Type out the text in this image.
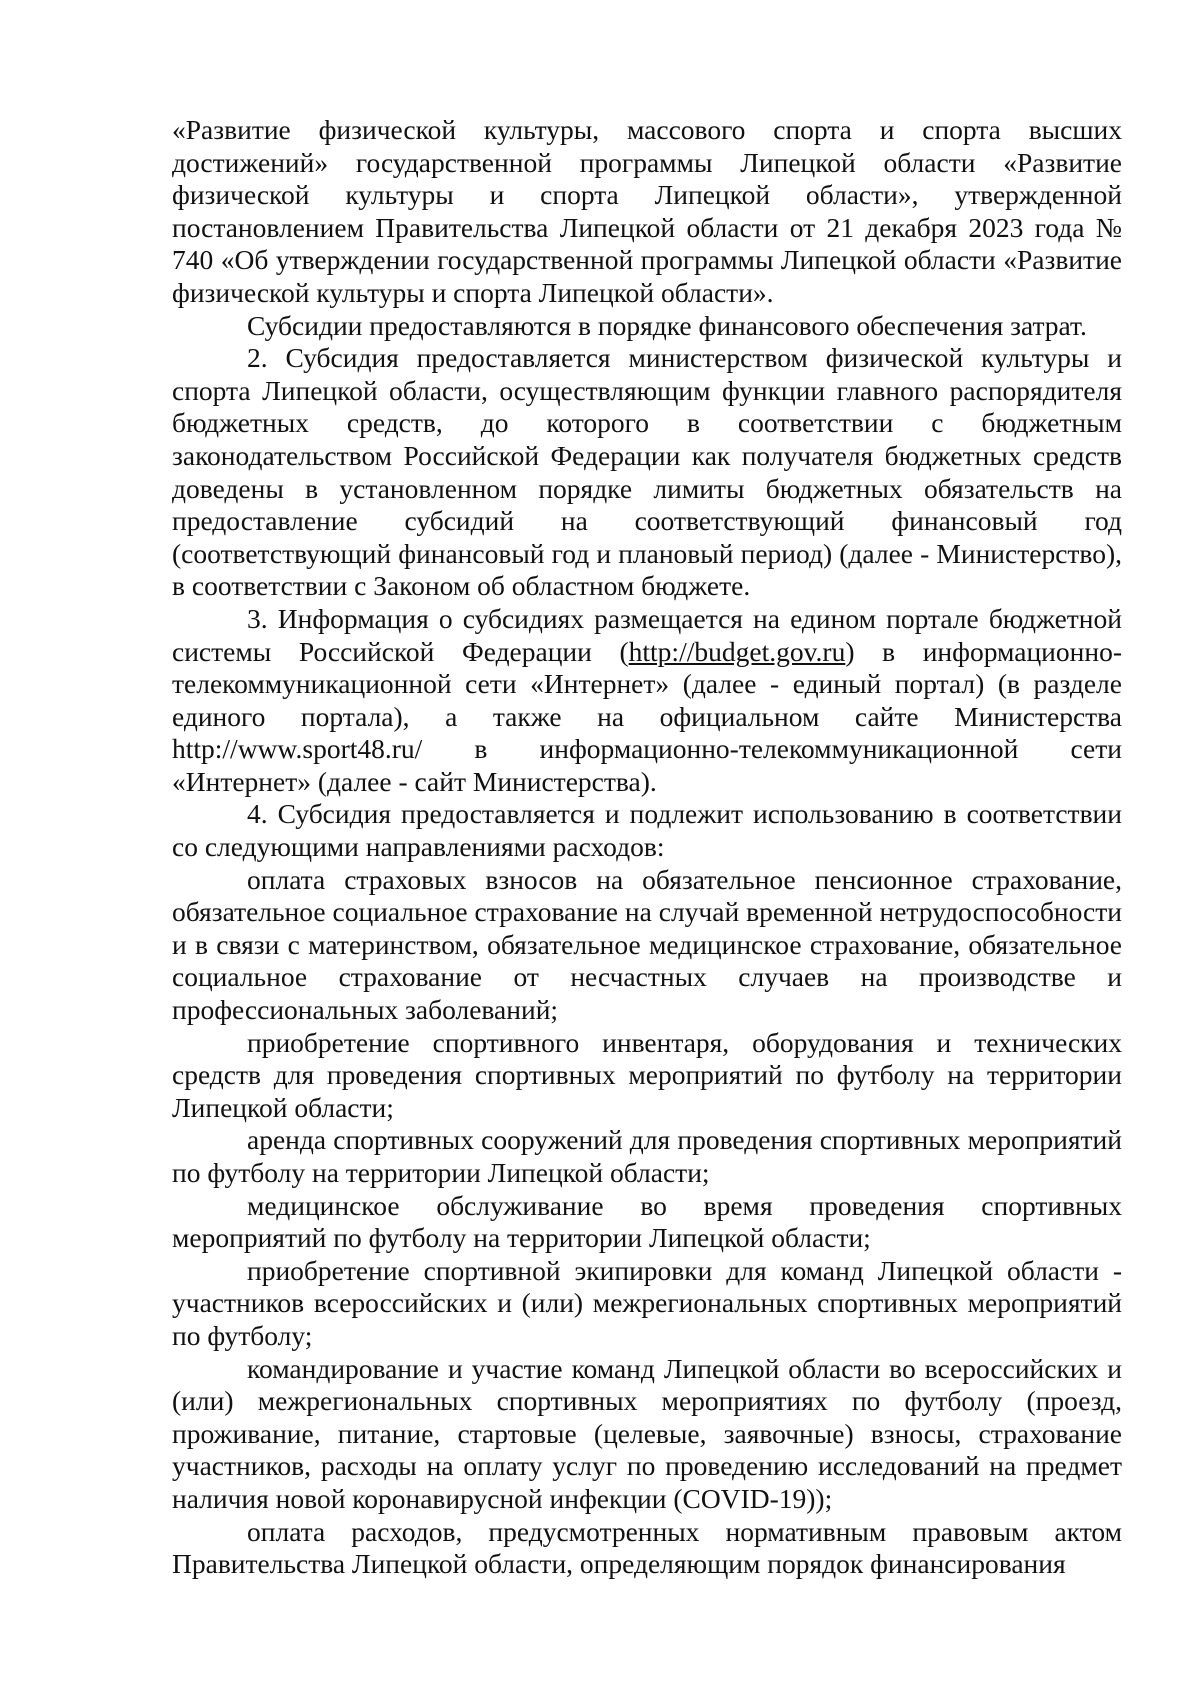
«Развитие физической культуры, массового спорта и спорта высших достижений» государственной программы Липецкой области «Развитие физической культуры и спорта Липецкой области», утвержденной постановлением Правительства Липецкой области от 21 декабря 2023 года № 740 «Об утверждении государственной программы Липецкой области «Развитие физической культуры и спорта Липецкой области».

Субсидии предоставляются в порядке финансового обеспечения затрат.

2. Субсидия предоставляется министерством физической культуры и спорта Липецкой области, осуществляющим функции главного распорядителя бюджетных средств, до которого в соответствии с бюджетным законодательством Российской Федерации как получателя бюджетных средств доведены в установленном порядке лимиты бюджетных обязательств на предоставление субсидий на соответствующий финансовый год (соответствующий финансовый год и плановый период) (далее - Министерство), в соответствии с Законом об областном бюджете.

3. Информация о субсидиях размещается на едином портале бюджетной системы Российской Федерации (http://budget.gov.ru) в информационно-телекоммуникационной сети «Интернет» (далее - единый портал) (в разделе единого портала), а также на официальном сайте Министерства http://www.sport48.ru/ в информационно-телекоммуникационной сети «Интернет» (далее - сайт Министерства).

4. Субсидия предоставляется и подлежит использованию в соответствии со следующими направлениями расходов:

оплата страховых взносов на обязательное пенсионное страхование, обязательное социальное страхование на случай временной нетрудоспособности и в связи с материнством, обязательное медицинское страхование, обязательное социальное страхование от несчастных случаев на производстве и профессиональных заболеваний;

приобретение спортивного инвентаря, оборудования и технических средств для проведения спортивных мероприятий по футболу на территории Липецкой области;

аренда спортивных сооружений для проведения спортивных мероприятий по футболу на территории Липецкой области;

медицинское обслуживание во время проведения спортивных мероприятий по футболу на территории Липецкой области;

приобретение спортивной экипировки для команд Липецкой области - участников всероссийских и (или) межрегиональных спортивных мероприятий по футболу;

командирование и участие команд Липецкой области во всероссийских и (или) межрегиональных спортивных мероприятиях по футболу (проезд, проживание, питание, стартовые (целевые, заявочные) взносы, страхование участников, расходы на оплату услуг по проведению исследований на предмет наличия новой коронавирусной инфекции (COVID-19));

оплата расходов, предусмотренных нормативным правовым актом Правительства Липецкой области, определяющим порядок финансирования
